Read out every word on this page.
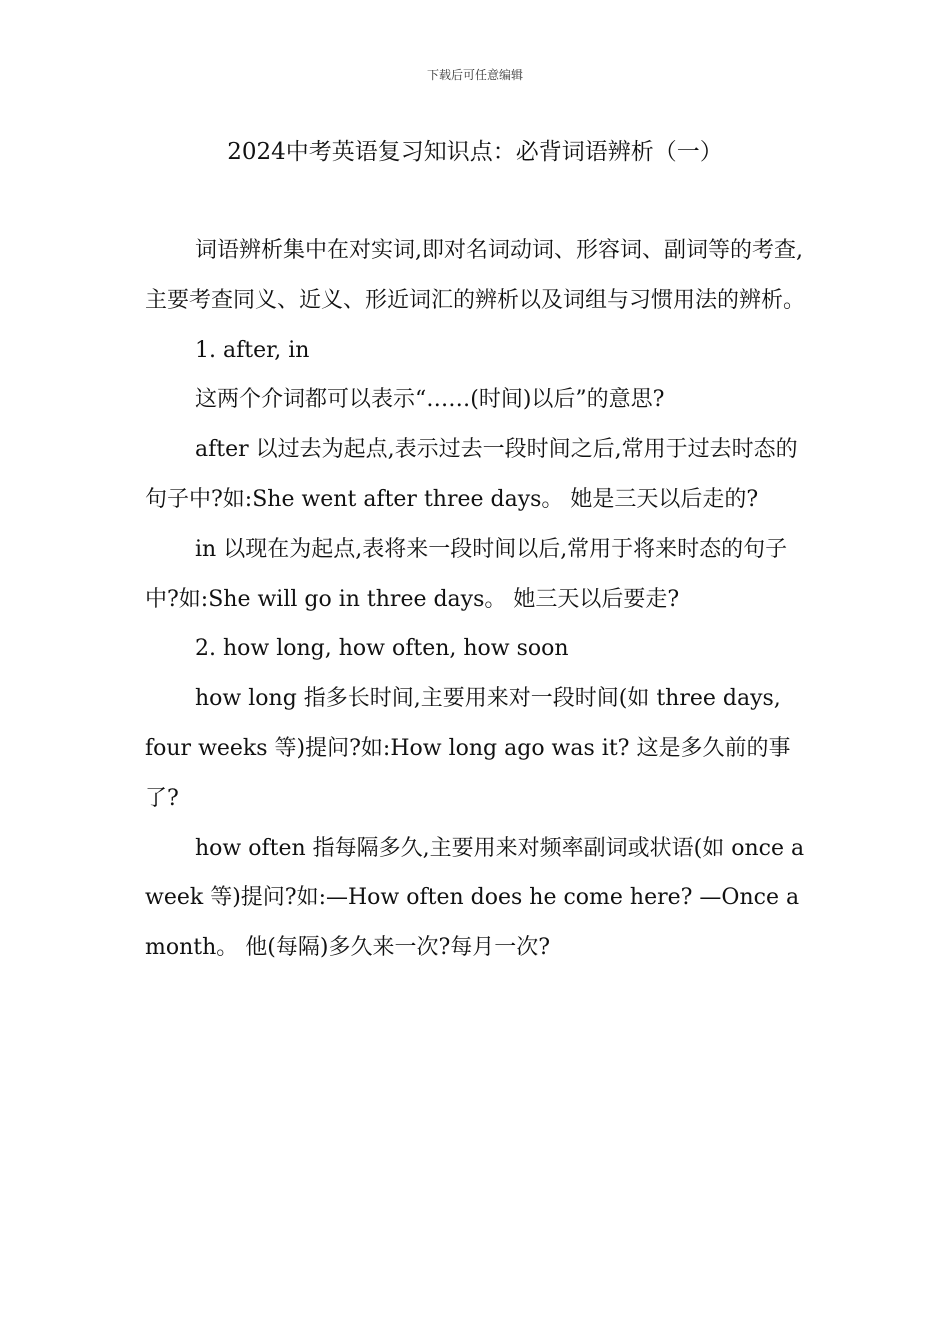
下载后可任意编辑
2024中考英语复习知识点：必背词语辨析（一）

词语辨析集中在对实词,即对名词动词、形容词、副词等的考查,主要考查同义、近义、形近词汇的辨析以及词组与习惯用法的辨析。

1. after, in

这两个介词都可以表示“……(时间)以后”的意思?

after 以过去为起点,表示过去一段时间之后,常用于过去时态的句子中?如:She went after three days。 她是三天以后走的?

in 以现在为起点,表将来一段时间以后,常用于将来时态的句子中?如:She will go in three days。 她三天以后要走?

2. how long, how often, how soon

how long 指多长时间,主要用来对一段时间(如 three days, four weeks 等)提问?如:How long ago was it? 这是多久前的事了?

how often 指每隔多久,主要用来对频率副词或状语(如 once a week 等)提问?如:—How often does he come here? —Once a month。 他(每隔)多久来一次?每月一次?
